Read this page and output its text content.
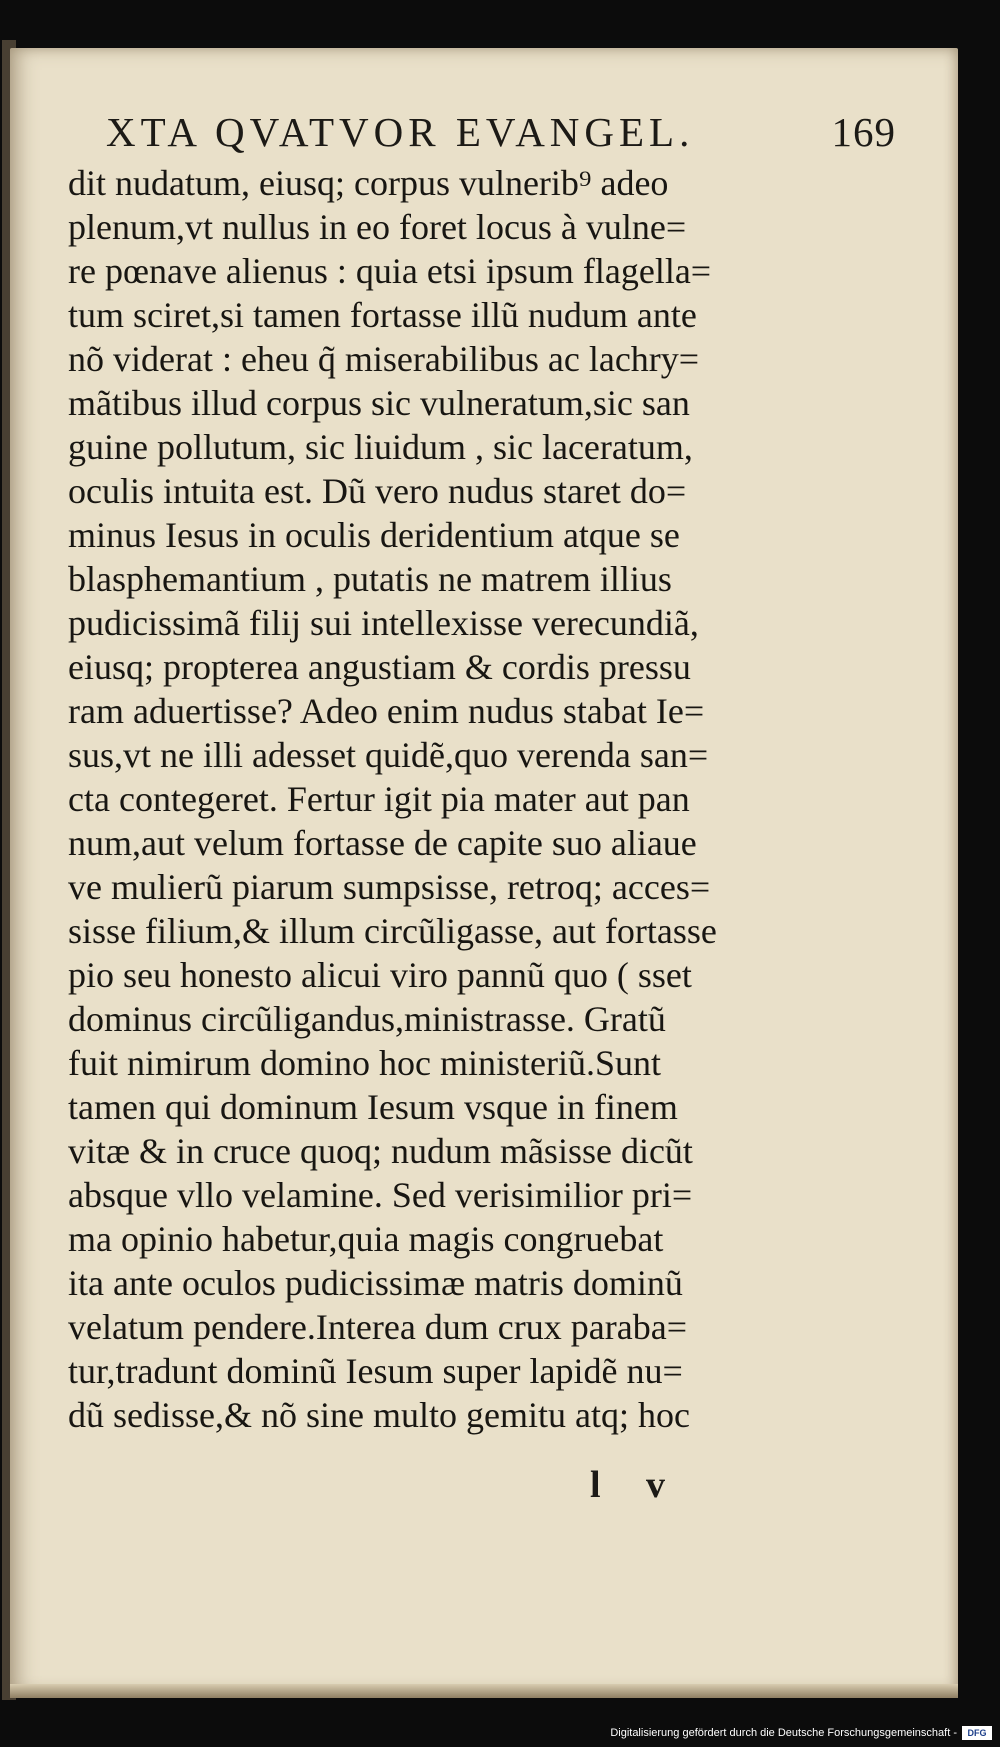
XTA QVATVOR EVANGEL.	169
dit nudatum, eiusq; corpus vulnerib⁹ adeo
plenum,vt nullus in eo foret locus à vulne=
re pœnave alienus : quia etsi ipsum flagella=
tum sciret,si tamen fortasse illũ nudum ante
nõ viderat : eheu q̃ miserabilibus ac lachry=
mãtibus illud corpus sic vulneratum,sic san
guine pollutum, sic liuidum , sic laceratum,
oculis intuita est. Dũ vero nudus staret do=
minus Iesus in oculis deridentium atque se
blasphemantium , putatis ne matrem illius
pudicissimã filij sui intellexisse verecundiã,
eiusq; propterea angustiam & cordis pressu
ram aduertisse? Adeo enim nudus stabat Ie=
sus,vt ne illi adesset quidẽ,quo verenda san=
cta contegeret. Fertur igit pia mater aut pan
num,aut velum fortasse de capite suo aliaue
ve mulierũ piarum sumpsisse, retroq; acces=
sisse filium,& illum circũligasse, aut fortasse
pio seu honesto alicui viro pannũ quo ( sset
dominus circũligandus,ministrasse. Gratũ
fuit nimirum domino hoc ministeriũ.Sunt
tamen qui dominum Iesum vsque in finem
vitæ & in cruce quoq; nudum mãsisse dicũt
absque vllo velamine. Sed verisimilior pri=
ma opinio habetur,quia magis congruebat
ita ante oculos pudicissimæ matris dominũ
velatum pendere.Interea dum crux paraba=
tur,tradunt dominũ Iesum super lapidẽ nu=
dũ sedisse,& nõ sine multo gemitu atq; hoc
l v
Digitalisierung gefördert durch die Deutsche Forschungsgemeinschaft -	DFG
